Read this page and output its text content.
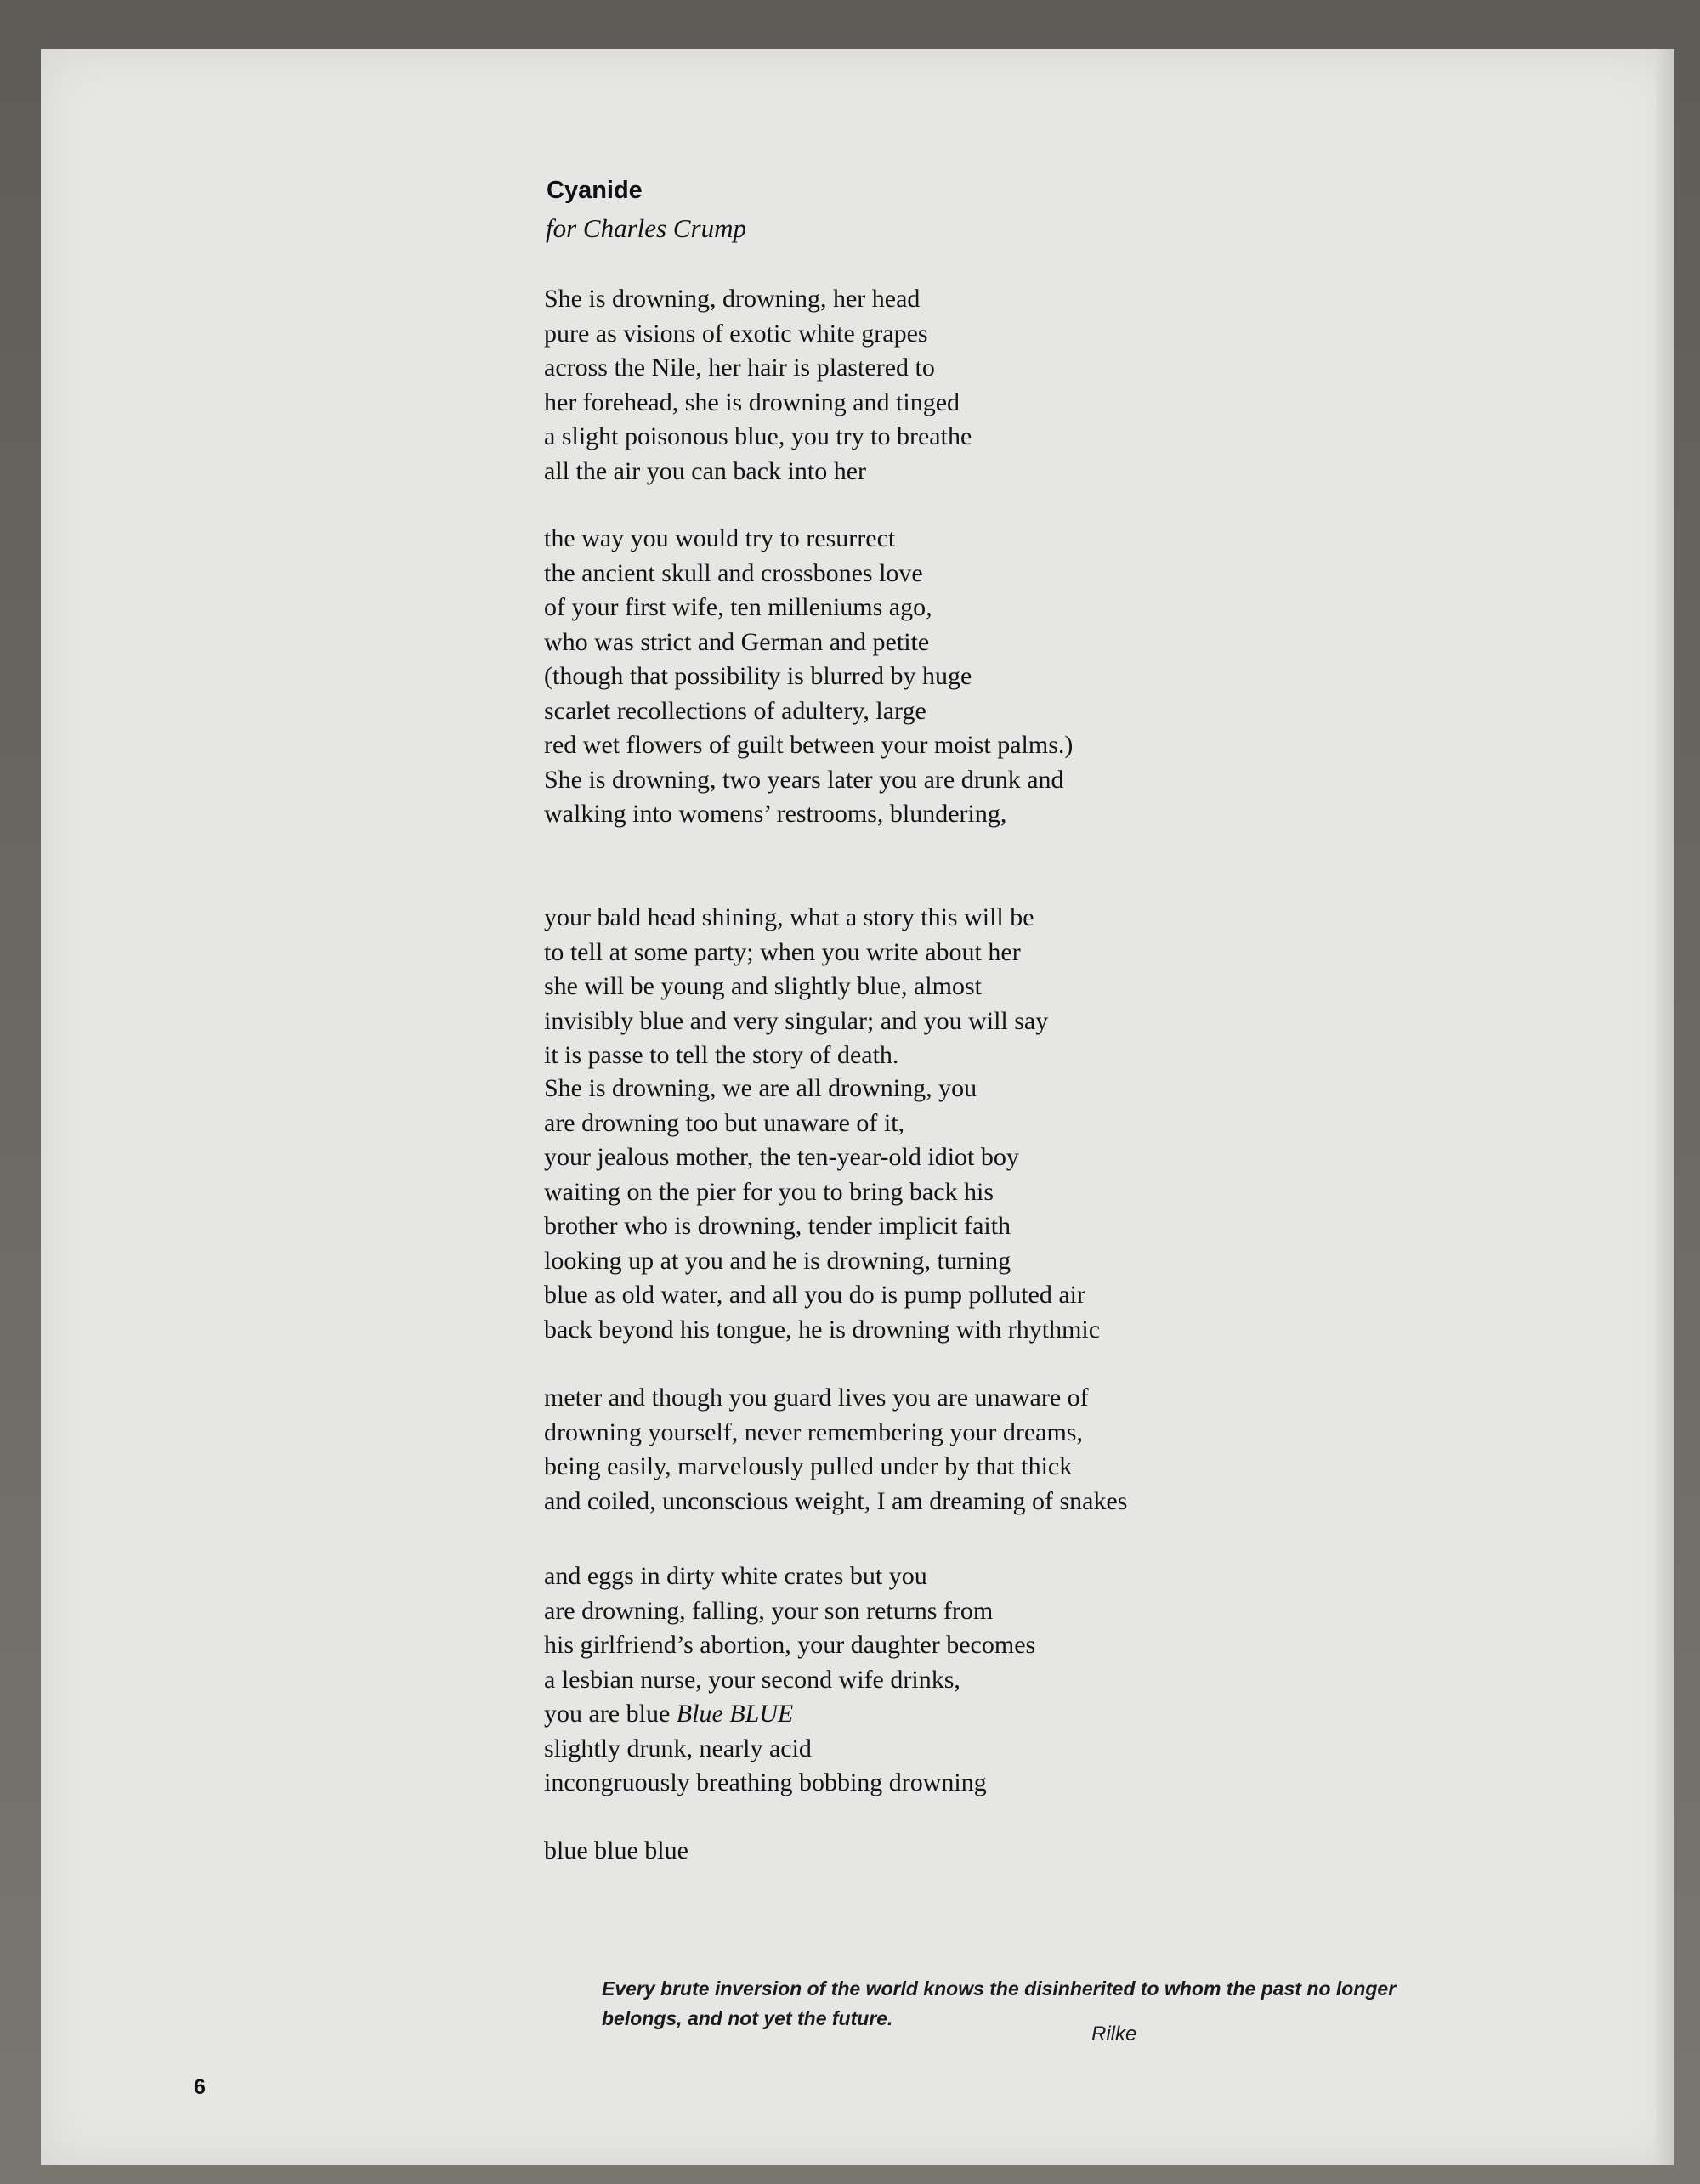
Cyanide

for Charles Crump

She is drowning, drowning, her head
pure as visions of exotic white grapes
across the Nile, her hair is plastered to
her forehead, she is drowning and tinged
a slight poisonous blue, you try to breathe
all the air you can back into her
the way you would try to resurrect
the ancient skull and crossbones love
of your first wife, ten milleniums ago,
who was strict and German and petite
(though that possibility is blurred by huge
scarlet recollections of adultery, large
red wet flowers of guilt between your moist palms.)
She is drowning, two years later you are drunk and
walking into womens’ restrooms, blundering,
your bald head shining, what a story this will be
to tell at some party; when you write about her
she will be young and slightly blue, almost
invisibly blue and very singular; and you will say
it is passe to tell the story of death.
She is drowning, we are all drowning, you
are drowning too but unaware of it,
your jealous mother, the ten-year-old idiot boy
waiting on the pier for you to bring back his
brother who is drowning, tender implicit faith
looking up at you and he is drowning, turning
blue as old water, and all you do is pump polluted air
back beyond his tongue, he is drowning with rhythmic
meter and though you guard lives you are unaware of
drowning yourself, never remembering your dreams,
being easily, marvelously pulled under by that thick
and coiled, unconscious weight, I am dreaming of snakes
and eggs in dirty white crates but you
are drowning, falling, your son returns from
his girlfriend’s abortion, your daughter becomes
a lesbian nurse, your second wife drinks,
you are blue Blue BLUE
slightly drunk, nearly acid
incongruously breathing bobbing drowning
blue blue blue
Every brute inversion of the world knows the disinherited to whom the past no longer
belongs, and not yet the future.
Rilke
6
